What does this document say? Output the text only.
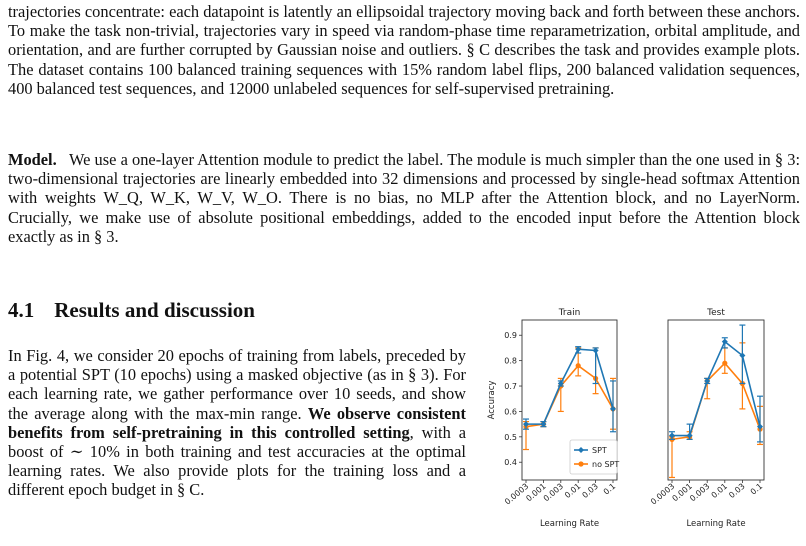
trajectories concentrate: each datapoint is latently an ellipsoidal trajectory moving back and forth between these anchors. To make the task non-trivial, trajectories vary in speed via random-phase time reparametrization, orbital amplitude, and orientation, and are further corrupted by Gaussian noise and outliers. § C describes the task and provides example plots. The dataset contains 100 balanced training sequences with 15% random label flips, 200 balanced validation sequences, 400 balanced test sequences, and 12000 unlabeled sequences for self-supervised pretraining.

Model. We use a one-layer Attention module to predict the label. The module is much simpler than the one used in § 3: two-dimensional trajectories are linearly embedded into 32 dimensions and processed by single-head softmax Attention with weights W_Q, W_K, W_V, W_O. There is no bias, no MLP after the Attention block, and no LayerNorm. Crucially, we make use of absolute positional embeddings, added to the encoded input before the Attention block exactly as in § 3.

4.1 Results and discussion

In Fig. 4, we consider 20 epochs of training from labels, preceded by a potential SPT (10 epochs) using a masked objective (as in § 3). For each learning rate, we gather performance over 10 seeds, and show the average along with the max-min range. We observe consistent benefits from self-pretraining in this controlled setting, with a boost of ∼ 10% in both training and test accuracies at the optimal learning rates. We also provide plots for the training loss and a different epoch budget in § C.

Train
0.4
0.5
0.6
0.7
0.8
0.9
Accuracy
0.0003
0.001
0.003
0.01
0.03 0.1
Learning Rate
SPT
no SPT
Test
0.0003
0.001
0.003
0.01
0.03 0.1
Learning Rate
